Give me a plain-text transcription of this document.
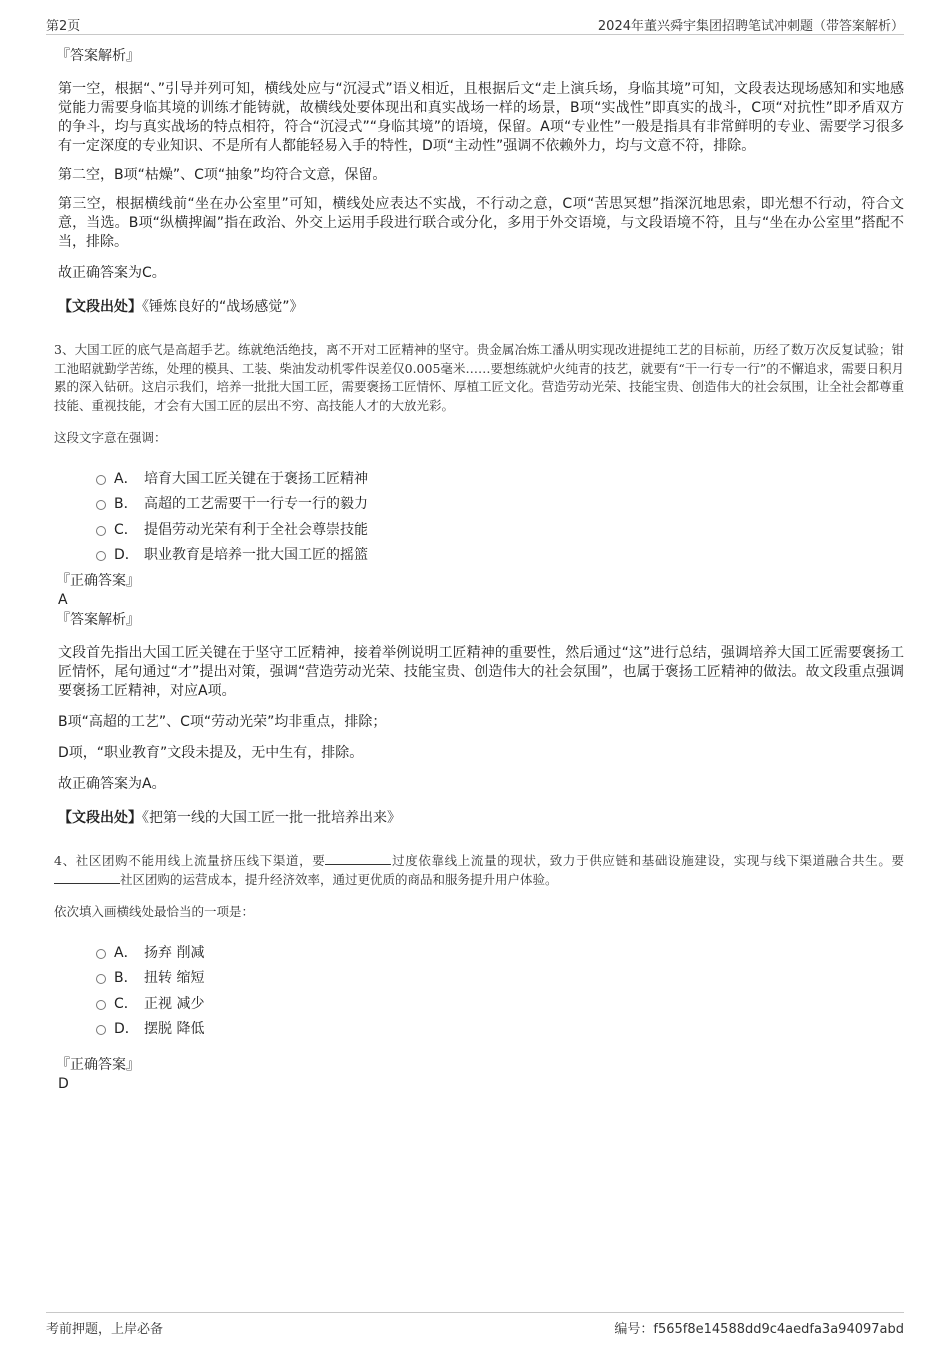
第2页	2024年董兴舜宇集团招聘笔试冲刺题（带答案解析）
『答案解析』

第一空，根据“、”引导并列可知，横线处应与“沉浸式”语义相近，且根据后文“走上演兵场，身临其境”可知，文段表达现场感知和实地感觉能力需要身临其境的训练才能铸就，故横线处要体现出和真实战场一样的场景，B项“实战性”即真实的战斗，C项“对抗性”即矛盾双方的争斗，均与真实战场的特点相符，符合“沉浸式”“身临其境”的语境，保留。A项“专业性”一般是指具有非常鲜明的专业、需要学习很多有一定深度的专业知识、不是所有人都能轻易入手的特性，D项“主动性”强调不依赖外力，均与文意不符，排除。

第二空，B项“枯燥”、C项“抽象”均符合文意，保留。

第三空，根据横线前“坐在办公室里”可知，横线处应表达不实战，不行动之意，C项“苦思冥想”指深沉地思索，即光想不行动，符合文意，当选。B项“纵横捭阖”指在政治、外交上运用手段进行联合或分化，多用于外交语境，与文段语境不符，且与“坐在办公室里”搭配不当，排除。

故正确答案为C。

【文段出处】《锤炼良好的“战场感觉”》

3、大国工匠的底气是高超手艺。练就绝活绝技，离不开对工匠精神的坚守。贵金属冶炼工潘从明实现改进提纯工艺的目标前，历经了数万次反复试验；钳工池昭就勤学苦练，处理的模具、工装、柴油发动机零件误差仅0.005毫米……要想练就炉火纯青的技艺，就要有“干一行专一行”的不懈追求，需要日积月累的深入钻研。这启示我们，培养一批批大国工匠，需要褒扬工匠情怀、厚植工匠文化。营造劳动光荣、技能宝贵、创造伟大的社会氛围，让全社会都尊重技能、重视技能，才会有大国工匠的层出不穷、高技能人才的大放光彩。

这段文字意在强调：

A． 培育大国工匠关键在于褒扬工匠精神
B． 高超的工艺需要干一行专一行的毅力
C． 提倡劳动光荣有利于全社会尊崇技能
D． 职业教育是培养一批大国工匠的摇篮
『正确答案』
A
『答案解析』

文段首先指出大国工匠关键在于坚守工匠精神，接着举例说明工匠精神的重要性，然后通过“这”进行总结，强调培养大国工匠需要褒扬工匠情怀，尾句通过“才”提出对策，强调“营造劳动光荣、技能宝贵、创造伟大的社会氛围”，也属于褒扬工匠精神的做法。故文段重点强调要褒扬工匠精神，对应A项。

B项“高超的工艺”、C项“劳动光荣”均非重点，排除；

D项，“职业教育”文段未提及，无中生有，排除。

故正确答案为A。

【文段出处】《把第一线的大国工匠一批一批培养出来》

4、社区团购不能用线上流量挤压线下渠道，要	过度依靠线上流量的现状，致力于供应链和基础设施建设，实现与线下渠道融合共生。要社区团购的运营成本，提升经济效率，通过更优质的商品和服务提升用户体验。

依次填入画横线处最恰当的一项是：

A． 扬弃 削减
B． 扭转 缩短
C． 正视 减少
D． 摆脱 降低
『正确答案』
D
考前押题，上岸必备	编号：f565f8e14588dd9c4aedfa3a94097abd
